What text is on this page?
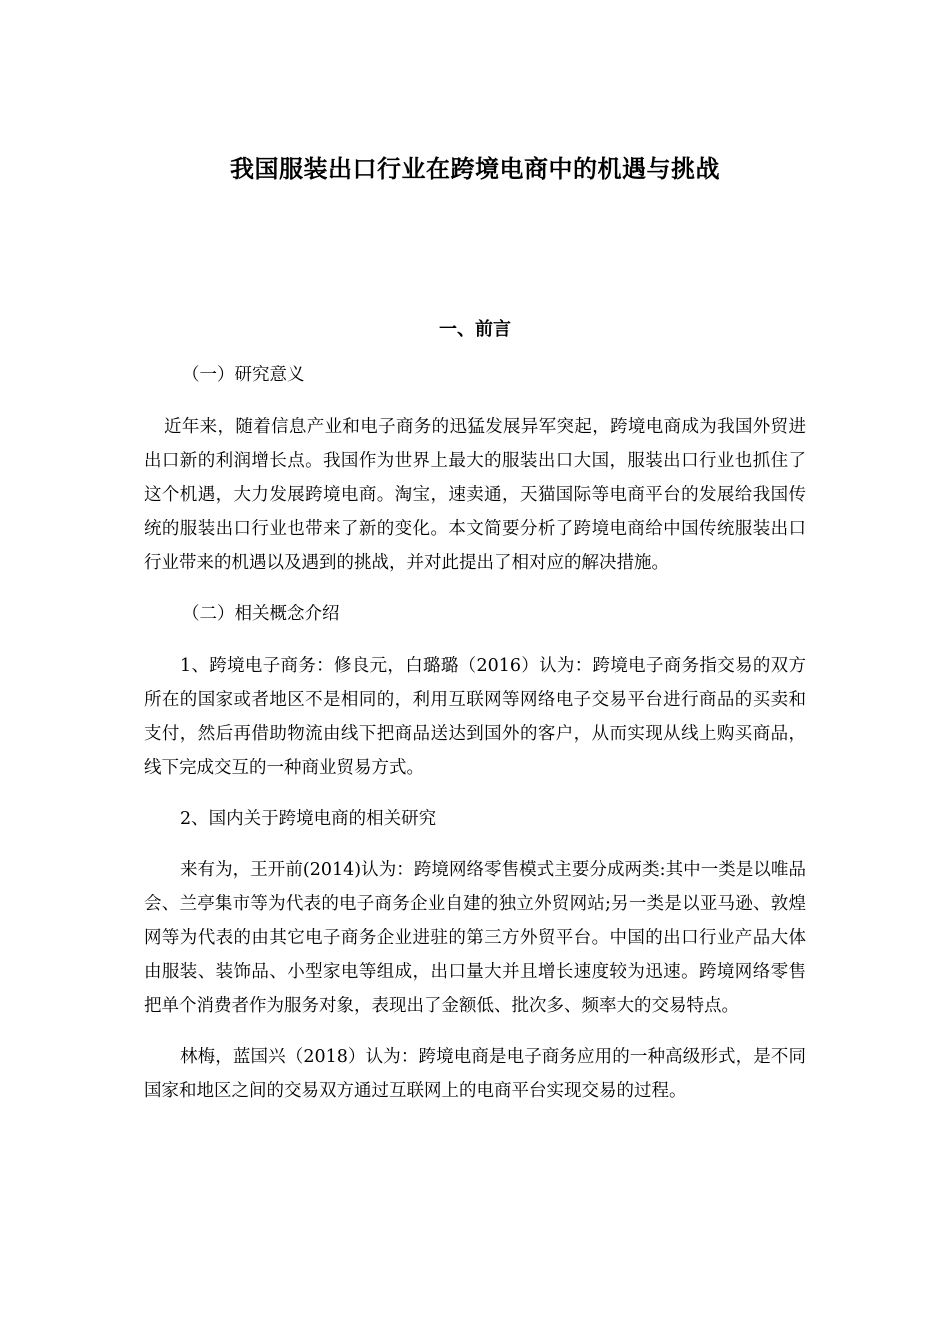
我国服装出口行业在跨境电商中的机遇与挑战
一、前言

（一）研究意义

近年来，随着信息产业和电子商务的迅猛发展异军突起，跨境电商成为我国外贸进出口新的利润增长点。我国作为世界上最大的服装出口大国，服装出口行业也抓住了这个机遇，大力发展跨境电商。淘宝，速卖通，天猫国际等电商平台的发展给我国传统的服装出口行业也带来了新的变化。本文简要分析了跨境电商给中国传统服装出口行业带来的机遇以及遇到的挑战，并对此提出了相对应的解决措施。

（二）相关概念介绍

1、跨境电子商务：修良元，白璐璐（2016）认为：跨境电子商务指交易的双方所在的国家或者地区不是相同的，利用互联网等网络电子交易平台进行商品的买卖和支付，然后再借助物流由线下把商品送达到国外的客户，从而实现从线上购买商品，线下完成交互的一种商业贸易方式。

2、国内关于跨境电商的相关研究

来有为，王开前(2014)认为：跨境网络零售模式主要分成两类:其中一类是以唯品会、兰亭集市等为代表的电子商务企业自建的独立外贸网站;另一类是以亚马逊、敦煌网等为代表的由其它电子商务企业进驻的第三方外贸平台。中国的出口行业产品大体由服装、装饰品、小型家电等组成，出口量大并且增长速度较为迅速。跨境网络零售把单个消费者作为服务对象，表现出了金额低、批次多、频率大的交易特点。

林梅，蓝国兴（2018）认为：跨境电商是电子商务应用的一种高级形式，是不同国家和地区之间的交易双方通过互联网上的电商平台实现交易的过程。
